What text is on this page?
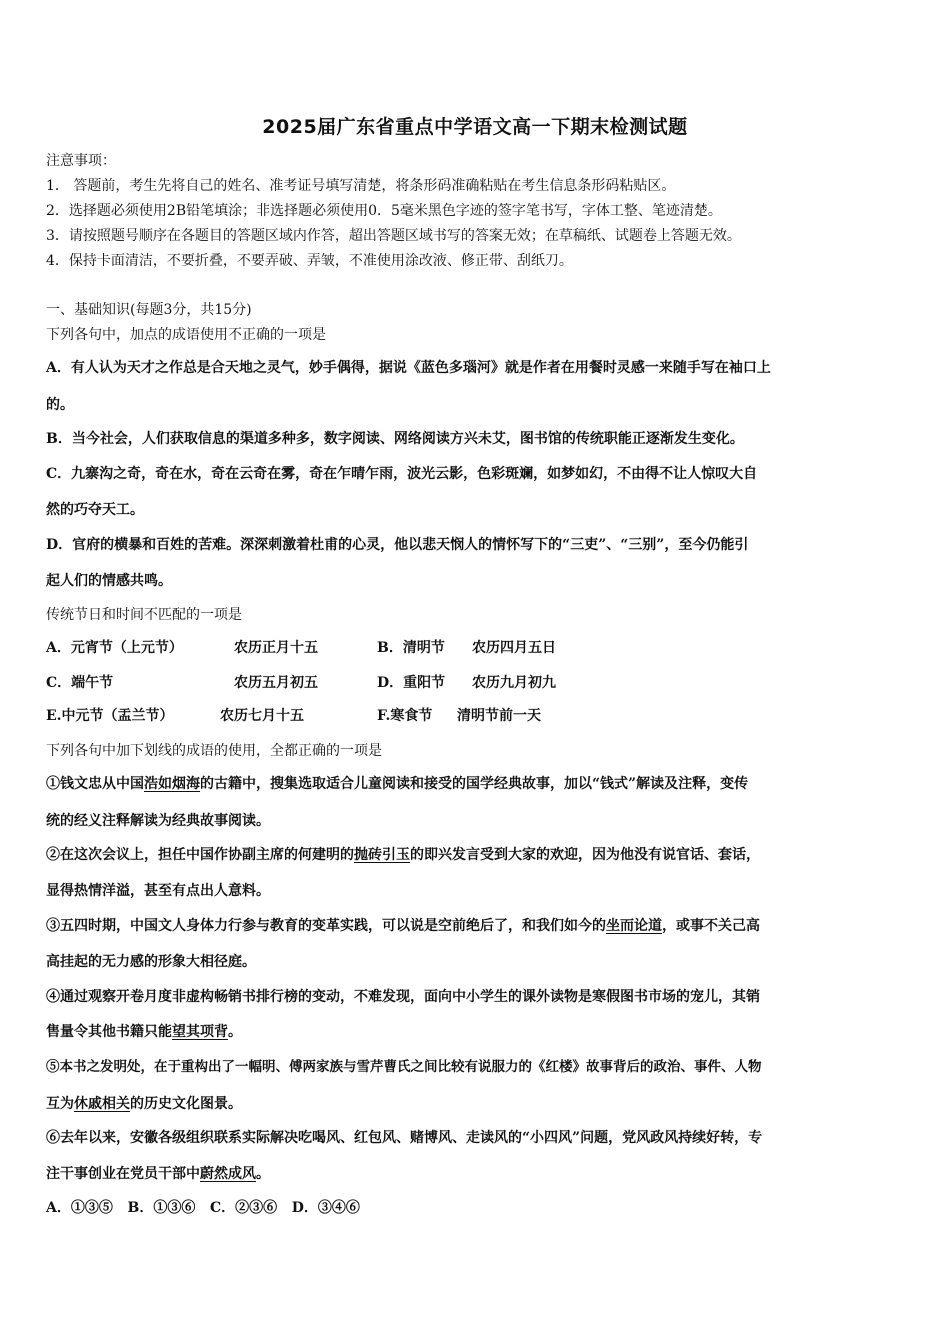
2025届广东省重点中学语文高一下期末检测试题
注意事项：
1． 答题前，考生先将自己的姓名、准考证号填写清楚，将条形码准确粘贴在考生信息条形码粘贴区。
2．选择题必须使用2B铅笔填涂；非选择题必须使用0．5毫米黑色字迹的签字笔书写，字体工整、笔迹清楚。
3．请按照题号顺序在各题目的答题区域内作答，超出答题区域书写的答案无效；在草稿纸、试题卷上答题无效。
4．保持卡面清洁，不要折叠，不要弄破、弄皱，不准使用涂改液、修正带、刮纸刀。
一、基础知识(每题3分，共15分)
下列各句中，加点的成语使用不正确的一项是
A．有人认为天才之作总是合天地之灵气，妙手偶得，据说《蓝色多瑙河》就是作者在用餐时灵感一来随手写在袖口上
的。
B．当今社会，人们获取信息的渠道多种多，数字阅读、网络阅读方兴未艾，图书馆的传统职能正逐渐发生变化。
C．九寨沟之奇，奇在水，奇在云奇在雾，奇在乍晴乍雨，波光云影，色彩斑斓，如梦如幻，不由得不让人惊叹大自
然的巧夺天工。
D．官府的横暴和百姓的苦难。深深刺激着杜甫的心灵，他以悲天悯人的情怀写下的“三吏”、“三别”，至今仍能引
起人们的情感共鸣。
传统节日和时间不匹配的一项是
A．元宵节（上元节）	农历正月十五	B．清明节 农历四月五日
C．端午节	农历五月初五	D．重阳节 农历九月初九
E.中元节（盂兰节）	农历七月十五	F.寒食节 清明节前一天
下列各句中加下划线的成语的使用，全都正确的一项是
①钱文忠从中国浩如烟海的古籍中，搜集选取适合儿童阅读和接受的国学经典故事，加以“钱式”解读及注释，变传
统的经义注释解读为经典故事阅读。
②在这次会议上，担任中国作协副主席的何建明的抛砖引玉的即兴发言受到大家的欢迎，因为他没有说官话、套话，
显得热情洋溢，甚至有点出人意料。
③五四时期，中国文人身体力行参与教育的变革实践，可以说是空前绝后了，和我们如今的坐而论道，或事不关己高
高挂起的无力感的形象大相径庭。
④通过观察开卷月度非虚构畅销书排行榜的变动，不难发现，面向中小学生的课外读物是寒假图书市场的宠儿，其销
售量令其他书籍只能望其项背。
⑤本书之发明处，在于重构出了一幅明、傅两家族与雪芹曹氏之间比较有说服力的《红楼》故事背后的政治、事件、人物
互为休戚相关的历史文化图景。
⑥去年以来，安徽各级组织联系实际解决吃喝风、红包风、赌博风、走读风的“小四风”问题，党风政风持续好转，专
注干事创业在党员干部中蔚然成风。
A．①③⑤   B．①③⑥   C．②③⑥   D．③④⑥
